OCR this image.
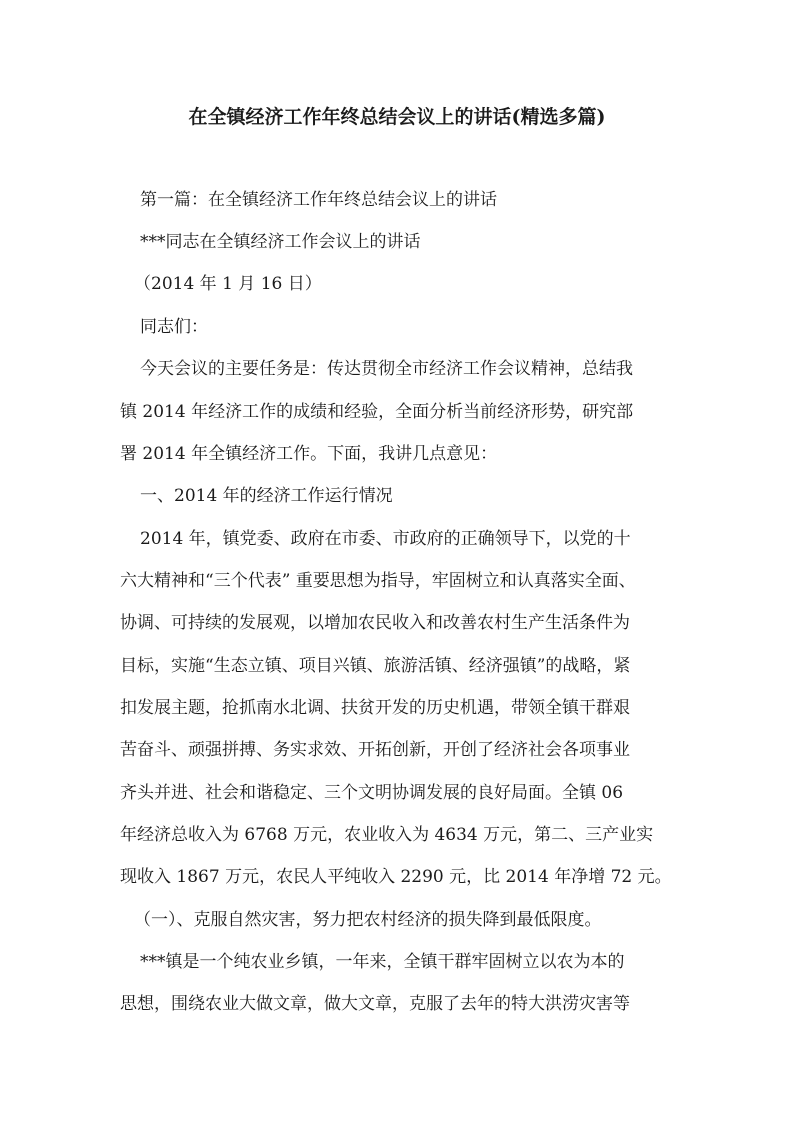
在全镇经济工作年终总结会议上的讲话(精选多篇)
第一篇：在全镇经济工作年终总结会议上的讲话
***同志在全镇经济工作会议上的讲话
（2014 年 1 月 16 日）
同志们：
今天会议的主要任务是：传达贯彻全市经济工作会议精神，总结我
镇 2014 年经济工作的成绩和经验，全面分析当前经济形势，研究部
署 2014 年全镇经济工作。下面，我讲几点意见：
一、2014 年的经济工作运行情况
2014 年，镇党委、政府在市委、市政府的正确领导下，以党的十
六大精神和“三个代表” 重要思想为指导，牢固树立和认真落实全面、
协调、可持续的发展观，以增加农民收入和改善农村生产生活条件为
目标，实施“生态立镇、项目兴镇、旅游活镇、经济强镇”的战略，紧
扣发展主题，抢抓南水北调、扶贫开发的历史机遇，带领全镇干群艰
苦奋斗、顽强拼搏、务实求效、开拓创新，开创了经济社会各项事业
齐头并进、社会和谐稳定、三个文明协调发展的良好局面。全镇 06
年经济总收入为 6768 万元，农业收入为 4634 万元，第二、三产业实
现收入 1867 万元，农民人平纯收入 2290 元，比 2014 年净增 72 元。
（一）、克服自然灾害，努力把农村经济的损失降到最低限度。
***镇是一个纯农业乡镇，一年来，全镇干群牢固树立以农为本的
思想，围绕农业大做文章，做大文章，克服了去年的特大洪涝灾害等
